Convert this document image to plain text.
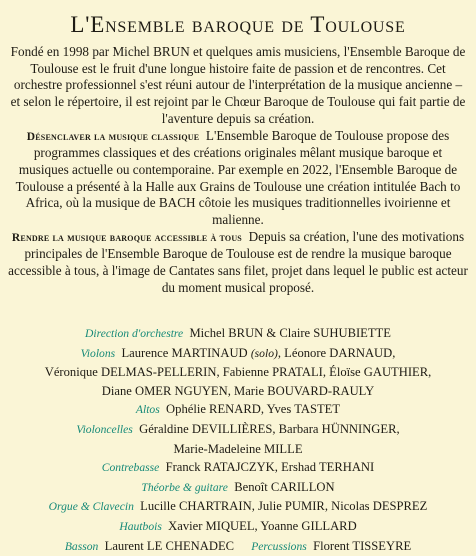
L'Ensemble baroque de Toulouse

Fondé en 1998 par Michel BRUN et quelques amis musiciens, l'Ensemble Baroque de Toulouse est le fruit d'une longue histoire faite de passion et de rencontres. Cet orchestre professionnel s'est réuni autour de l'interprétation de la musique ancienne – et selon le répertoire, il est rejoint par le Chœur Baroque de Toulouse qui fait partie de l'aventure depuis sa création.

Désenclaver la musique classique L'Ensemble Baroque de Toulouse propose des programmes classiques et des créations originales mêlant musique baroque et musiques actuelle ou contemporaine. Par exemple en 2022, l'Ensemble Baroque de Toulouse a présenté à la Halle aux Grains de Toulouse une création intitulée Bach to Africa, où la musique de BACH côtoie les musiques traditionnelles ivoirienne et malienne.

Rendre la musique baroque accessible à tous Depuis sa création, l'une des motivations principales de l'Ensemble Baroque de Toulouse est de rendre la musique baroque accessible à tous, à l'image de Cantates sans filet, projet dans lequel le public est acteur du moment musical proposé.

Direction d'orchestre Michel BRUN & Claire SUHUBIETTE
Violons Laurence MARTINAUD (solo), Léonore DARNAUD,
Véronique DELMAS-PELLERIN, Fabienne PRATALI, Éloïse GAUTHIER,
Diane OMER NGUYEN, Marie BOUVARD-RAULY
Altos Ophélie RENARD, Yves TASTET
Violoncelles Géraldine DEVILLIÈRES, Barbara HÜNNINGER,
Marie-Madeleine MILLE
Contrebasse Franck RATAJCZYK, Ershad TERHANI
Théorbe & guitare Benoît CARILLON
Orgue & Clavecin Lucille CHARTRAIN, Julie PUMIR, Nicolas DESPREZ
Hautbois Xavier MIQUEL, Yoanne GILLARD
Basson Laurent LE CHENADEC Percussions Florent TISSEYRE
